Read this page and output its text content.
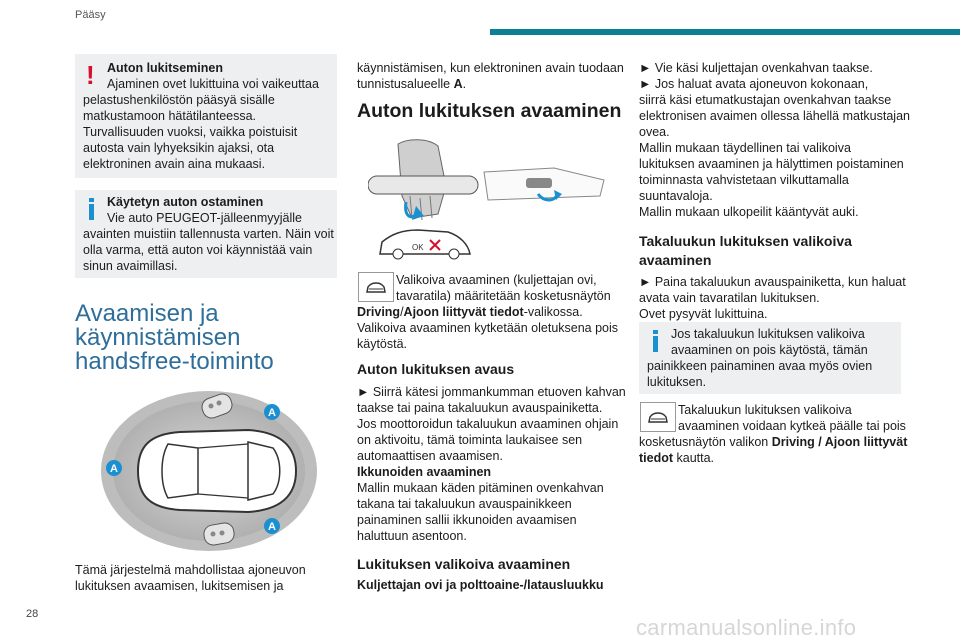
Pääsy
! Auton lukitseminen
Ajaminen ovet lukittuina voi vaikeuttaa
pelastushenkilöstön pääsyä sisälle
matkustamoon hätätilanteessa.
Turvallisuuden vuoksi, vaikka poistuisit
autosta vain lyhyeksikin ajaksi, ota
elektroninen avain aina mukaasi.
Käytetyn auton ostaminen
Vie auto PEUGEOT-jälleenmyyjälle
avainten muistiin tallennusta varten. Näin voit
olla varma, että auton voi käynnistää vain
sinun avaimillasi.
Avaamisen ja
käynnistämisen
handsfree-toiminto
A
A
A
Tämä järjestelmä mahdollistaa ajoneuvon
lukituksen avaamisen, lukitsemisen ja
käynnistämisen, kun elektroninen avain tuodaan
tunnistusalueelle A.
Auton lukituksen avaaminen
OK
Valikoiva avaaminen (kuljettajan ovi,
tavaratila) määritetään kosketusnäytön
Driving/Ajoon liittyvät tiedot-valikossa.
Valikoiva avaaminen kytketään oletuksena pois
käytöstä.
Auton lukituksen avaus
► Siirrä kätesi jommankumman etuoven kahvan
taakse tai paina takaluukun avauspainiketta.
Jos moottoroidun takaluukun avaaminen ohjain
on aktivoitu, tämä toiminta laukaisee sen
automaattisen avaamisen.
Ikkunoiden avaaminen
Mallin mukaan käden pitäminen ovenkahvan
takana tai takaluukun avauspainikkeen
painaminen sallii ikkunoiden avaamisen
haluttuun asentoon.
Lukituksen valikoiva avaaminen
Kuljettajan ovi ja polttoaine-/latausluukku
► Vie käsi kuljettajan ovenkahvan taakse.
► Jos haluat avata ajoneuvon kokonaan,
siirrä käsi etumatkustajan ovenkahvan taakse
elektronisen avaimen ollessa lähellä matkustajan
ovea.
Mallin mukaan täydellinen tai valikoiva
lukituksen avaaminen ja hälyttimen poistaminen
toiminnasta vahvistetaan vilkuttamalla
suuntavaloja.
Mallin mukaan ulkopeilit kääntyvät auki.
Takaluukun lukituksen valikoiva
avaaminen
► Paina takaluukun avauspainiketta, kun haluat
avata vain tavaratilan lukituksen.
Ovet pysyvät lukittuina.
Jos takaluukun lukituksen valikoiva
avaaminen on pois käytöstä, tämän
painikkeen painaminen avaa myös ovien
lukituksen.
Takaluukun lukituksen valikoiva
avaaminen voidaan kytkeä päälle tai pois
kosketusnäytön valikon Driving / Ajoon liittyvät
tiedot kautta.
28
carmanualsonline.info
